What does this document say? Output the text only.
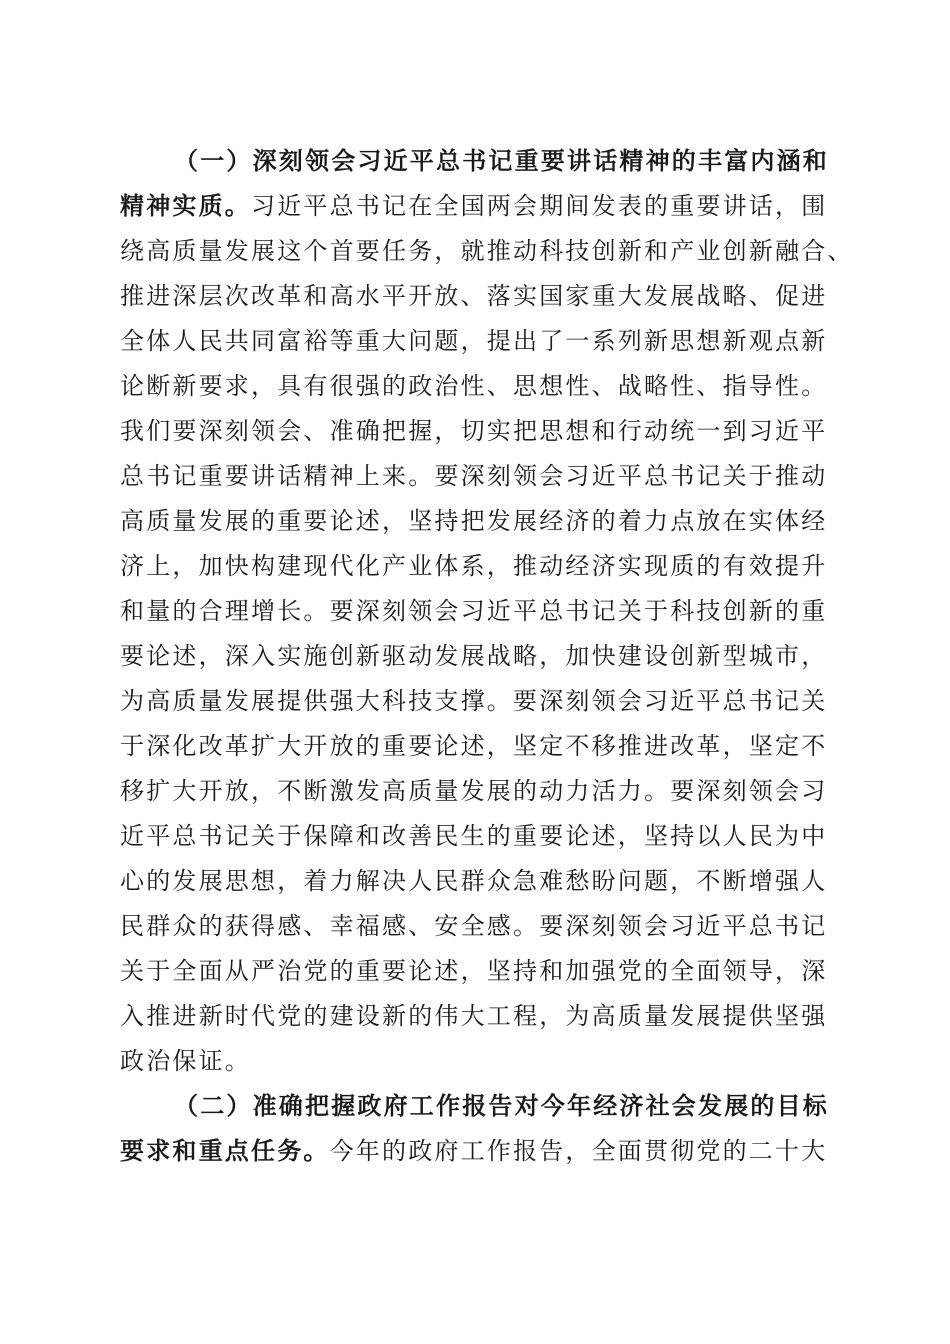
（一）深刻领会习近平总书记重要讲话精神的丰富内涵和
精神实质。习近平总书记在全国两会期间发表的重要讲话，围
绕高质量发展这个首要任务，就推动科技创新和产业创新融合、
推进深层次改革和高水平开放、落实国家重大发展战略、促进
全体人民共同富裕等重大问题，提出了一系列新思想新观点新
论断新要求，具有很强的政治性、思想性、战略性、指导性。
我们要深刻领会、准确把握，切实把思想和行动统一到习近平
总书记重要讲话精神上来。要深刻领会习近平总书记关于推动
高质量发展的重要论述，坚持把发展经济的着力点放在实体经
济上，加快构建现代化产业体系，推动经济实现质的有效提升
和量的合理增长。要深刻领会习近平总书记关于科技创新的重
要论述，深入实施创新驱动发展战略，加快建设创新型城市，
为高质量发展提供强大科技支撑。要深刻领会习近平总书记关
于深化改革扩大开放的重要论述，坚定不移推进改革，坚定不
移扩大开放，不断激发高质量发展的动力活力。要深刻领会习
近平总书记关于保障和改善民生的重要论述，坚持以人民为中
心的发展思想，着力解决人民群众急难愁盼问题，不断增强人
民群众的获得感、幸福感、安全感。要深刻领会习近平总书记
关于全面从严治党的重要论述，坚持和加强党的全面领导，深
入推进新时代党的建设新的伟大工程，为高质量发展提供坚强
政治保证。
（二）准确把握政府工作报告对今年经济社会发展的目标
要求和重点任务。今年的政府工作报告，全面贯彻党的二十大
